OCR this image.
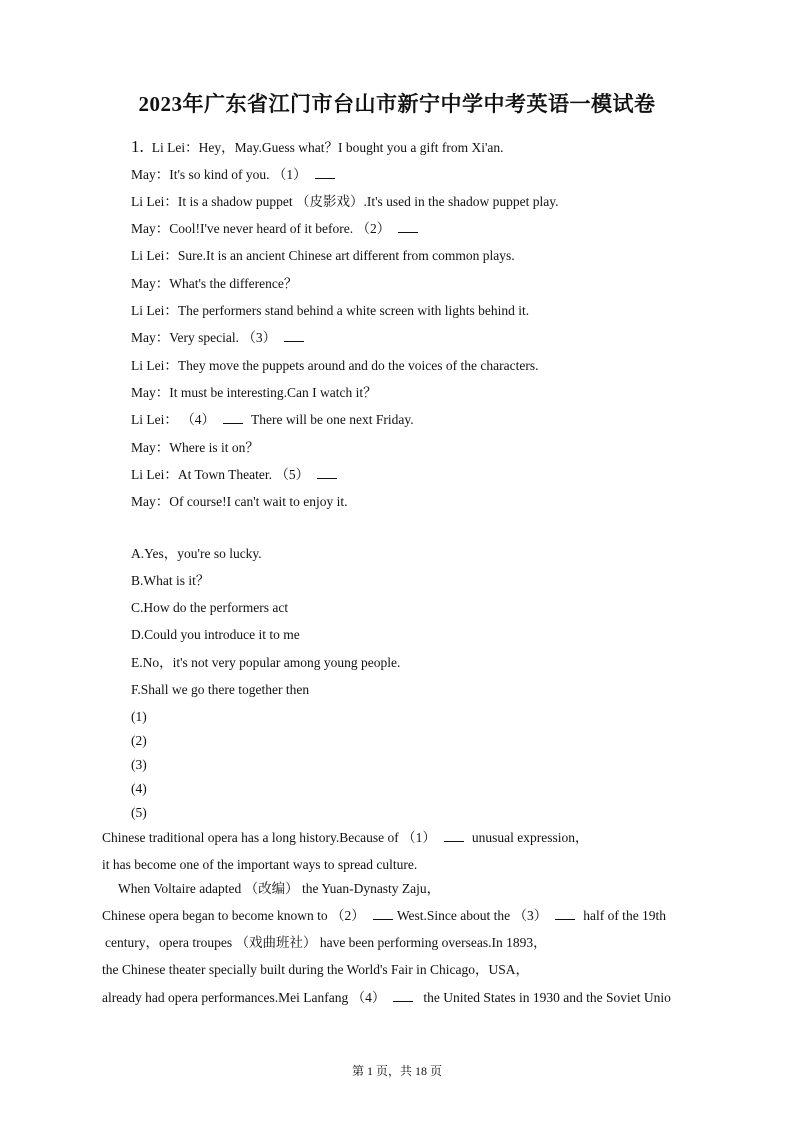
2023年广东省江门市台山市新宁中学中考英语一模试卷
1. Li Lei：Hey，May.Guess what？I bought you a gift from Xi'an.
May：It's so kind of you. （1）
Li Lei：It is a shadow puppet （皮影戏）.It's used in the shadow puppet play.
May：Cool!I've never heard of it before. （2）
Li Lei：Sure.It is an ancient Chinese art different from common plays.
May：What's the difference？
Li Lei：The performers stand behind a white screen with lights behind it.
May：Very special. （3）
Li Lei：They move the puppets around and do the voices of the characters.
May：It must be interesting.Can I watch it？
Li Lei： （4）	There will be one next Friday.
May：Where is it on？
Li Lei：At Town Theater. （5）
May：Of course!I can't wait to enjoy it.
A.Yes，you're so lucky.
B.What is it？
C.How do the performers act
D.Could you introduce it to me
E.No，it's not very popular among young people.
F.Shall we go there together then
(1)
(2)
(3)
(4)
(5)
Chinese traditional opera has a long history.Because of （1）	unusual expression，
it has become one of the important ways to spread culture.
When Voltaire adapted （改编） the Yuan-Dynasty Zaju，
Chinese opera began to become known to （2） West.Since about the （3）	half of the 19th
century，opera troupes （戏曲班社） have been performing overseas.In 1893，
the Chinese theater specially built during the World's Fair in Chicago，USA，
already had opera performances.Mei Lanfang （4）	the United States in 1930 and the Soviet Unio
第 1 页，共 18 页
